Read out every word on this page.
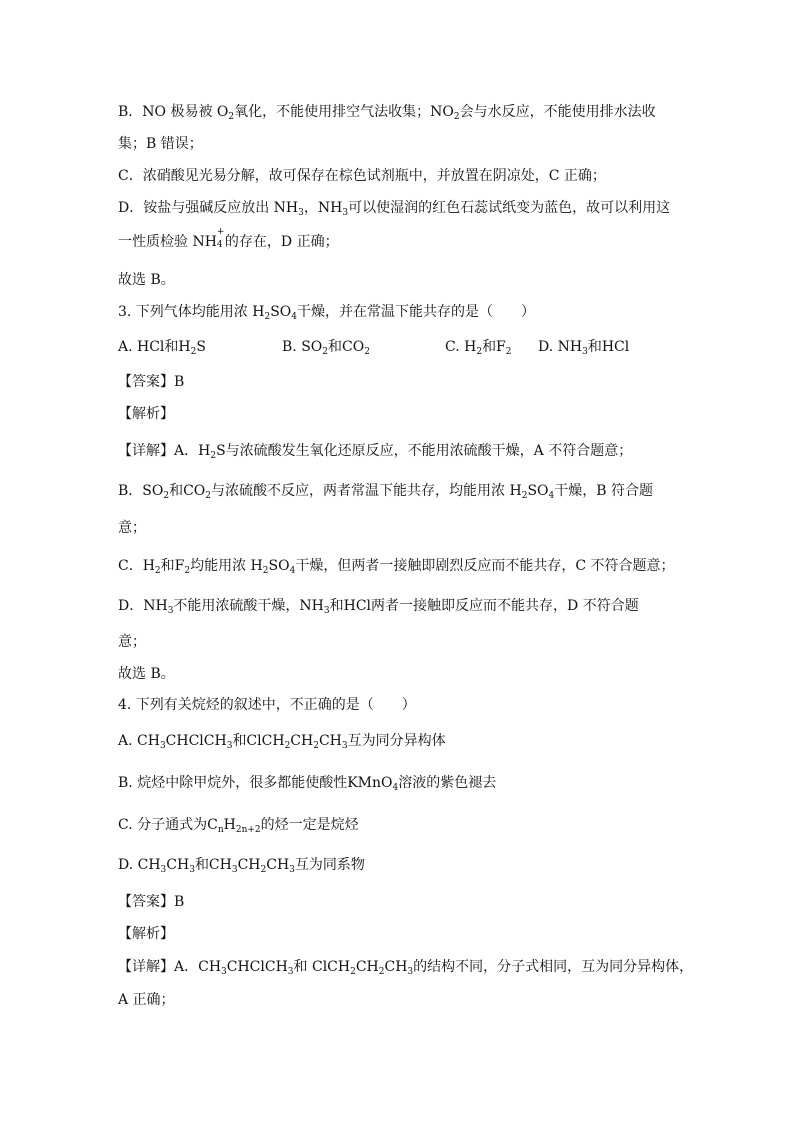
B．NO 极易被 $O_2$氧化，不能使用排空气法收集；$NO_2$会与水反应，不能使用排水法收
集；B 错误；
C．浓硝酸见光易分解，故可保存在棕色试剂瓶中，并放置在阴凉处，C 正确；
D．铵盐与强碱反应放出 $NH_3$，$NH_3$可以使湿润的红色石蕊试纸变为蓝色，故可以利用这
一性质检验 NH
+
4 的存在，D 正确；
故选 B。
3. 下列气体均能用浓 $H_2SO_4$干燥，并在常温下能共存的是（　　）
A. HCl和$H_2S$	B. $SO_2$和$CO_2$	C. $H_2$和$F_2$ D. $NH_3$和HCl
【答案】B
【解析】
【详解】A．$H_2S$与浓硫酸发生氧化还原反应，不能用浓硫酸干燥，A 不符合题意；
B．$SO_2$和$CO_2$与浓硫酸不反应，两者常温下能共存，均能用浓 $H_2SO_4$干燥，B 符合题
意；
C．$H_2$和$F_2$均能用浓 $H_2SO_4$干燥，但两者一接触即剧烈反应而不能共存，C 不符合题意；
D．$NH_3$不能用浓硫酸干燥，$NH_3$和HCl两者一接触即反应而不能共存，D 不符合题
意；
故选 B。
4. 下列有关烷烃的叙述中，不正确的是（　　）
A. $CH_3CHClCH_3$和$ClCH_2CH_2CH_3$互为同分异构体
B. 烷烃中除甲烷外，很多都能使酸性KMnO$_4$溶液的紫色褪去
C. 分子通式为$C_nH_{2n+2}$的烃一定是烷烃
D. $CH_3CH_3$和$CH_3CH_2CH_3$互为同系物
【答案】B
【解析】
【详解】A．$CH_3CHClCH_3$和 $ClCH_2CH_2CH_3$的结构不同，分子式相同，互为同分异构体，
A 正确；
